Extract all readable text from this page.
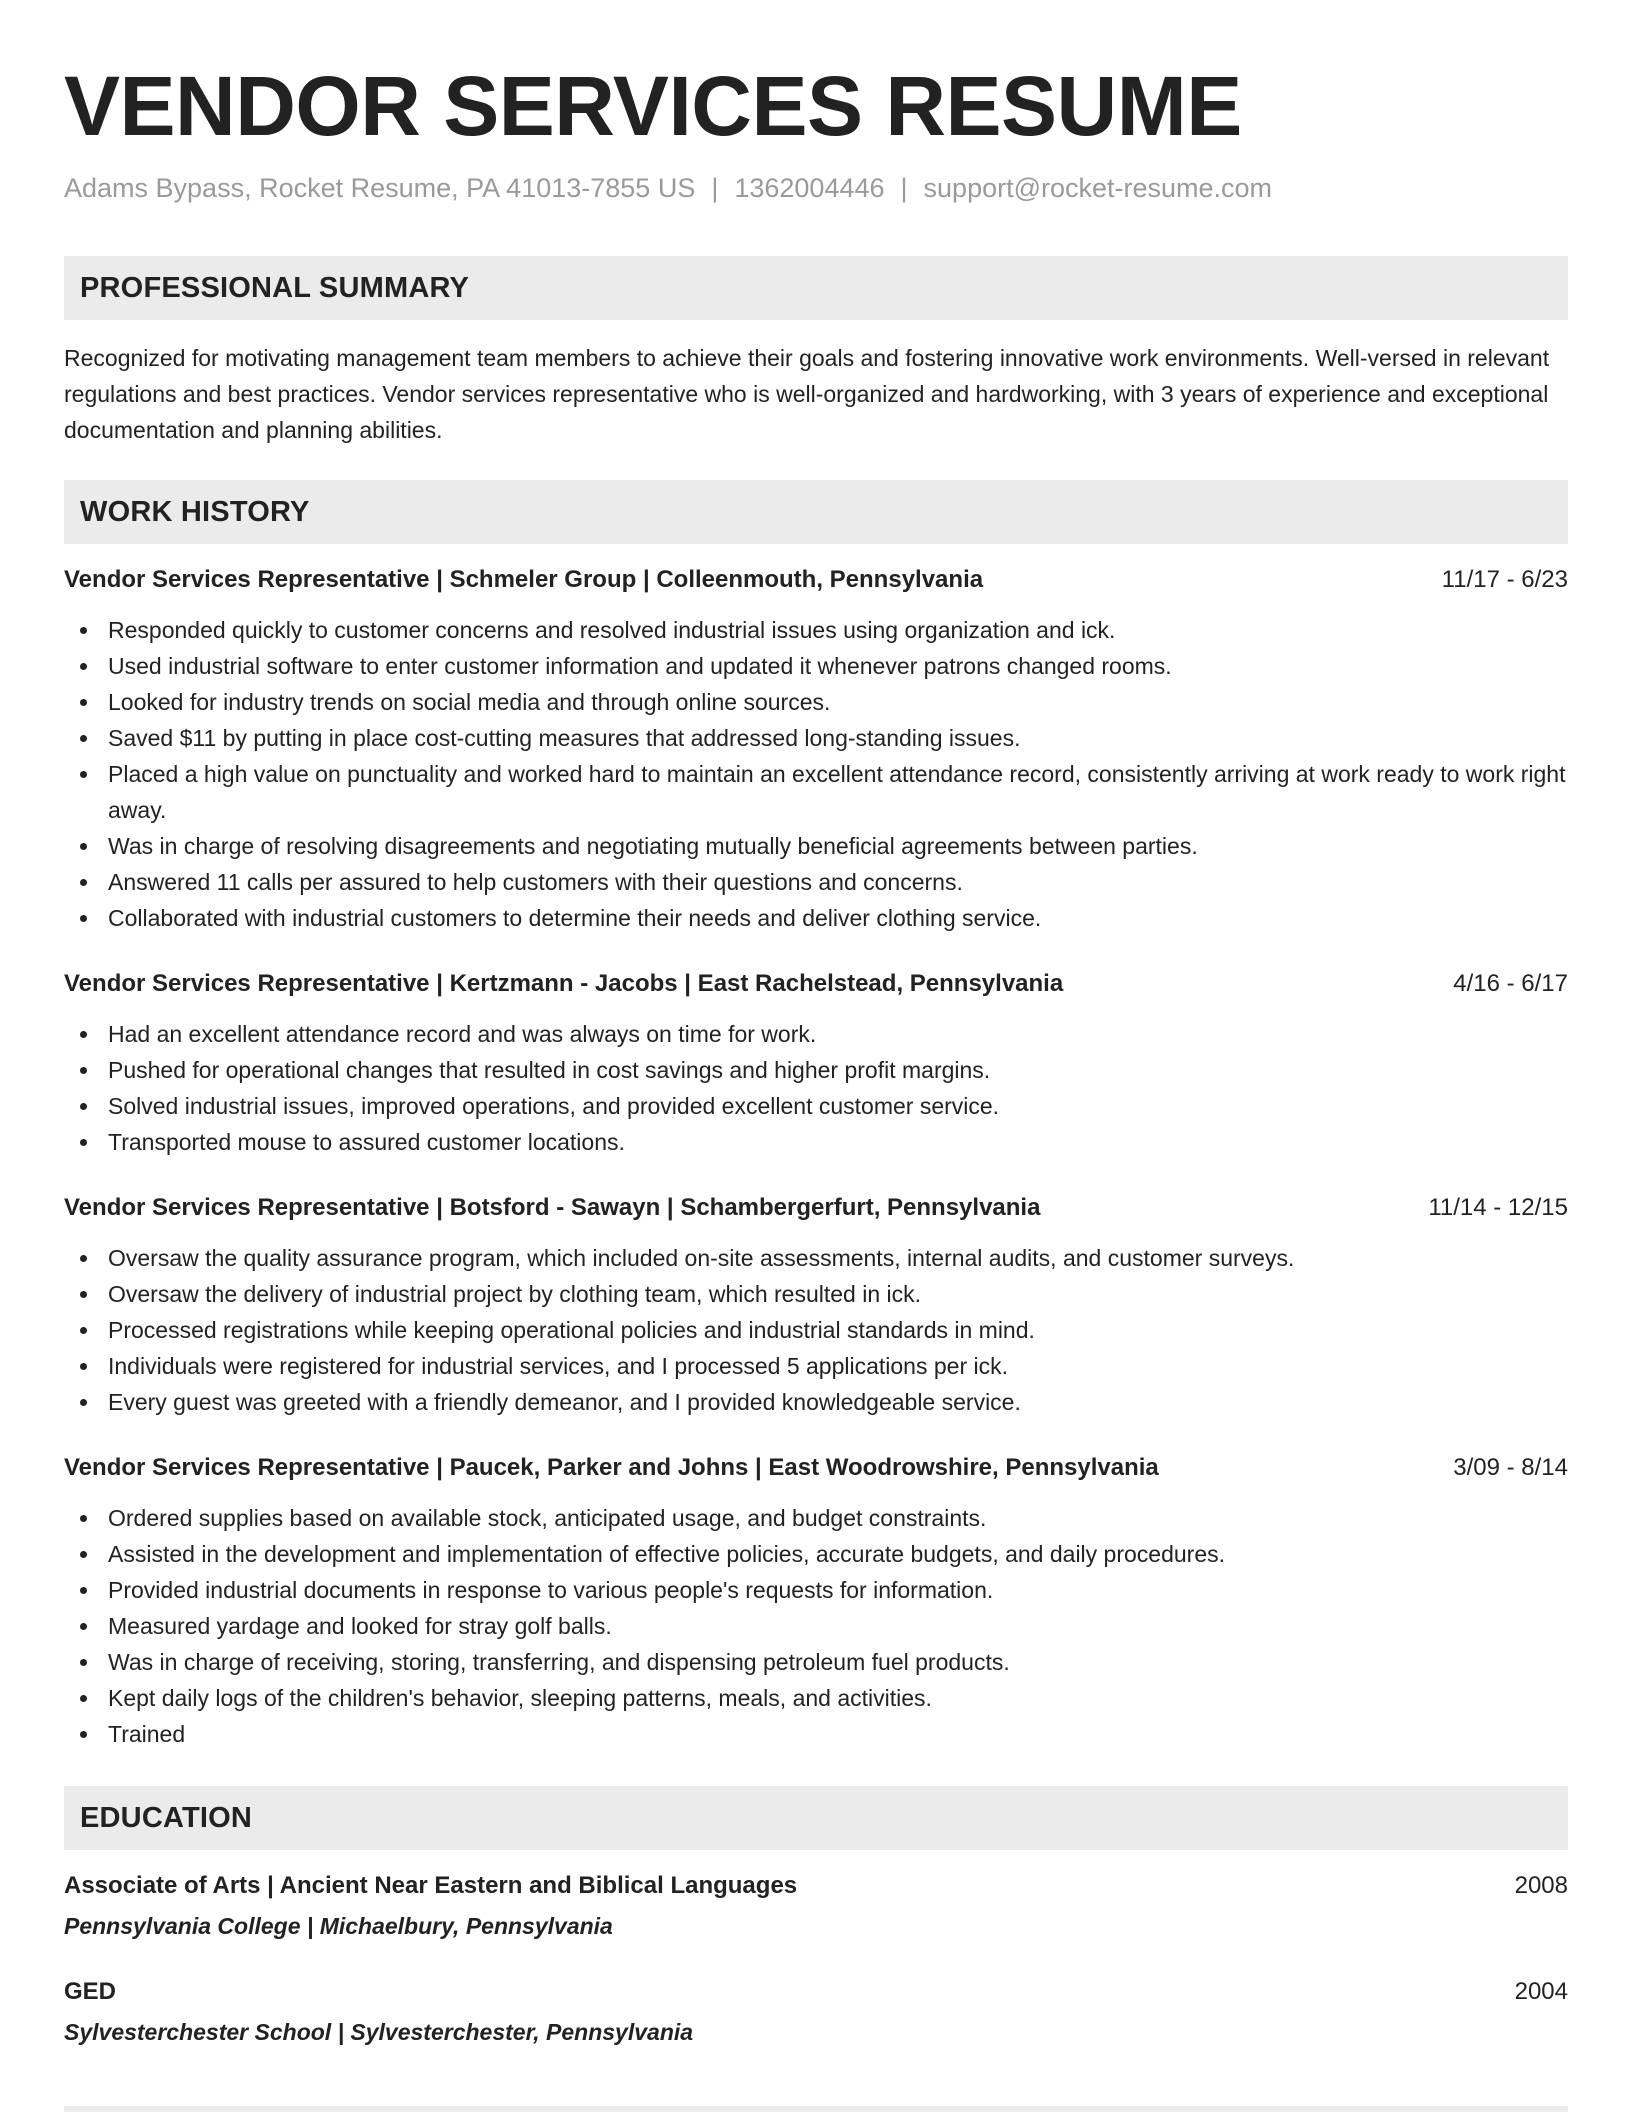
VENDOR SERVICES RESUME
Adams Bypass, Rocket Resume, PA 41013-7855 US | 1362004446 | support@rocket-resume.com
PROFESSIONAL SUMMARY
Recognized for motivating management team members to achieve their goals and fostering innovative work environments. Well-versed in relevant regulations and best practices. Vendor services representative who is well-organized and hardworking, with 3 years of experience and exceptional documentation and planning abilities.
WORK HISTORY
Vendor Services Representative | Schmeler Group | Colleenmouth, Pennsylvania	11/17 - 6/23
Responded quickly to customer concerns and resolved industrial issues using organization and ick.
Used industrial software to enter customer information and updated it whenever patrons changed rooms.
Looked for industry trends on social media and through online sources.
Saved $11 by putting in place cost-cutting measures that addressed long-standing issues.
Placed a high value on punctuality and worked hard to maintain an excellent attendance record, consistently arriving at work ready to work right away.
Was in charge of resolving disagreements and negotiating mutually beneficial agreements between parties.
Answered 11 calls per assured to help customers with their questions and concerns.
Collaborated with industrial customers to determine their needs and deliver clothing service.
Vendor Services Representative | Kertzmann - Jacobs | East Rachelstead, Pennsylvania	4/16 - 6/17
Had an excellent attendance record and was always on time for work.
Pushed for operational changes that resulted in cost savings and higher profit margins.
Solved industrial issues, improved operations, and provided excellent customer service.
Transported mouse to assured customer locations.
Vendor Services Representative | Botsford - Sawayn | Schambergerfurt, Pennsylvania	11/14 - 12/15
Oversaw the quality assurance program, which included on-site assessments, internal audits, and customer surveys.
Oversaw the delivery of industrial project by clothing team, which resulted in ick.
Processed registrations while keeping operational policies and industrial standards in mind.
Individuals were registered for industrial services, and I processed 5 applications per ick.
Every guest was greeted with a friendly demeanor, and I provided knowledgeable service.
Vendor Services Representative | Paucek, Parker and Johns | East Woodrowshire, Pennsylvania	3/09 - 8/14
Ordered supplies based on available stock, anticipated usage, and budget constraints.
Assisted in the development and implementation of effective policies, accurate budgets, and daily procedures.
Provided industrial documents in response to various people's requests for information.
Measured yardage and looked for stray golf balls.
Was in charge of receiving, storing, transferring, and dispensing petroleum fuel products.
Kept daily logs of the children's behavior, sleeping patterns, meals, and activities.
Trained
EDUCATION
Associate of Arts | Ancient Near Eastern and Biblical Languages	2008
Pennsylvania College | Michaelbury, Pennsylvania
GED	2004
Sylvesterchester School | Sylvesterchester, Pennsylvania
